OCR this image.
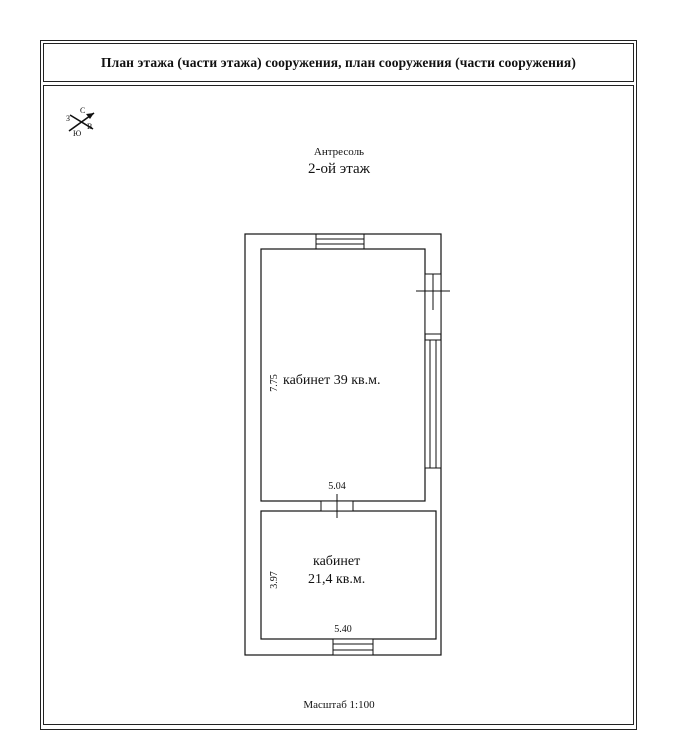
План этажа (части этажа) сооружения, план сооружения (части сооружения)
Антресоль
2-ой этаж
С
В
З
Ю
кабинет 39 кв.м.
5.04
7.75
кабинет
21,4 кв.м.
5.40
3.97
Масштаб 1:100
